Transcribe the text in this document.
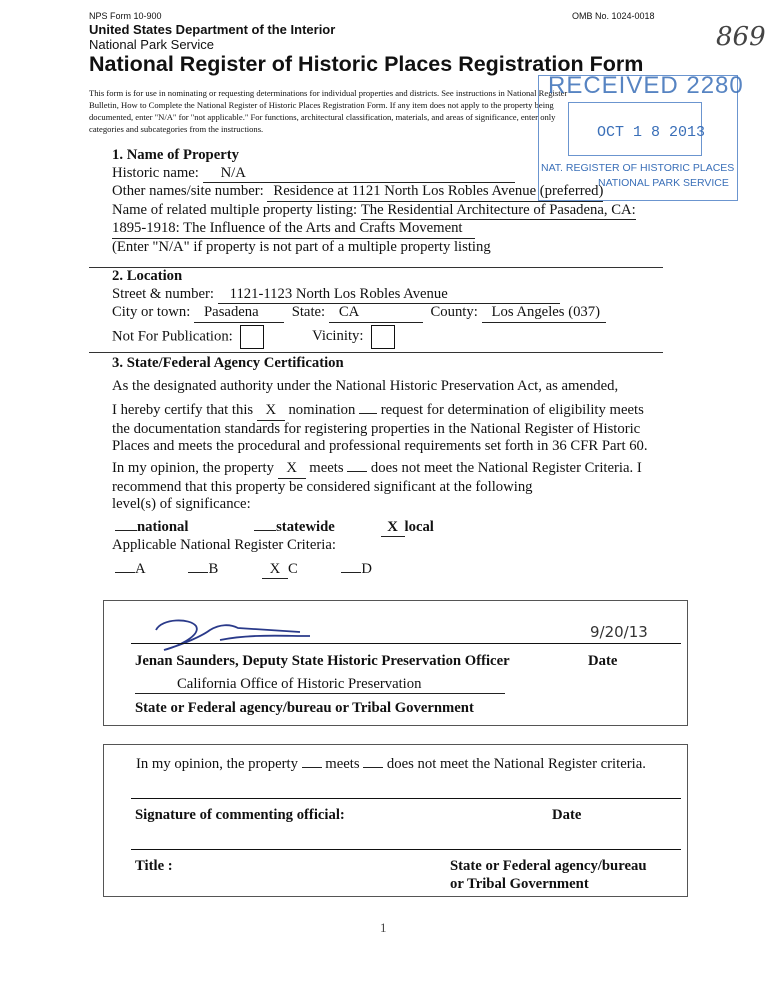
NPS Form 10-900	OMB No. 1024-0018
869
United States Department of the Interior
National Park Service
National Register of Historic Places Registration Form
This form is for use in nominating or requesting determinations for individual properties and districts. See instructions in National Register
Bulletin, How to Complete the National Register of Historic Places Registration Form. If any item does not apply to the property being
documented, enter "N/A" for "not applicable." For functions, architectural classification, materials, and areas of significance, enter only
categories and subcategories from the instructions.
RECEIVED 2280
OCT 1 8 2013
NAT. REGISTER OF HISTORIC PLACES
NATIONAL PARK SERVICE
1. Name of Property
Historic name: N/A
Other names/site number: Residence at 1121 North Los Robles Avenue (preferred)
Name of related multiple property listing: The Residential Architecture of Pasadena, CA:
1895-1918: The Influence of the Arts and Crafts Movement
(Enter "N/A" if property is not part of a multiple property listing
2. Location
Street & number: 1121-1123 North Los Robles Avenue
City or town: Pasadena State: CA	County: Los Angeles (037)
Not For Publication:	Vicinity:
3. State/Federal Agency Certification
As the designated authority under the National Historic Preservation Act, as amended,
I hereby certify that this X nomination request for determination of eligibility meets
the documentation standards for registering properties in the National Register of Historic
Places and meets the procedural and professional requirements set forth in 36 CFR Part 60.
In my opinion, the property X meets does not meet the National Register Criteria. I
recommend that this property be considered significant at the following
level(s) of significance:
national	statewide	X local
Applicable National Register Criteria:
A	B	X C	D
9/20/13
Jenan Saunders, Deputy State Historic Preservation Officer	Date
California Office of Historic Preservation
State or Federal agency/bureau or Tribal Government
In my opinion, the property meets does not meet the National Register criteria.
Signature of commenting official:	Date
Title :	State or Federal agency/bureau
or Tribal Government
1
